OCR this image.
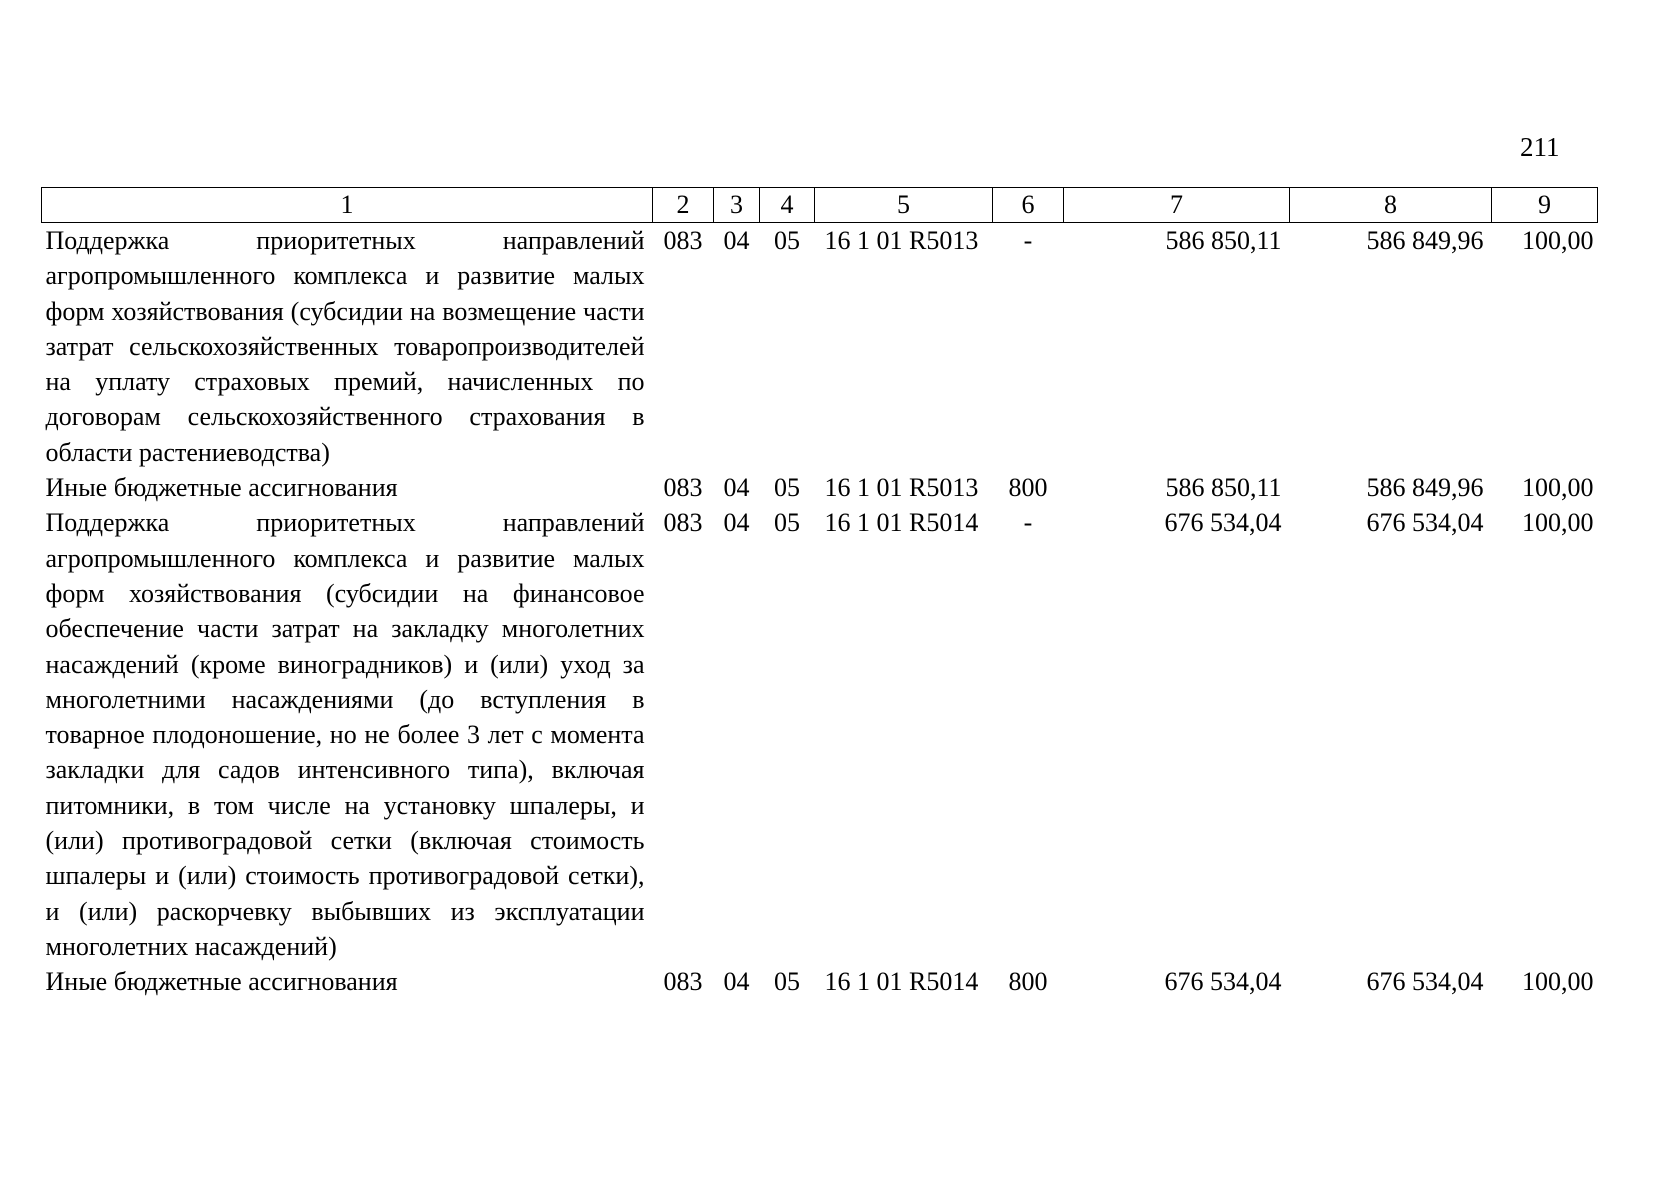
211
1	2	3	4	5	6	7	8	9
Поддержка приоритетных направлений агропромышленного комплекса и развитие малых форм хозяйствования (субсидии на возмещение части затрат сельскохозяйственных товаропроизводителей на уплату страховых премий, начисленных по договорам сельскохозяйственного страхования в области растениеводства)	083	04	05	16 1 01 R5013	-	586 850,11	586 849,96	100,00
Иные бюджетные ассигнования	083	04	05	16 1 01 R5013	800	586 850,11	586 849,96	100,00
Поддержка приоритетных направлений агропромышленного комплекса и развитие малых форм хозяйствования (субсидии на финансовое обеспечение части затрат на закладку многолетних насаждений (кроме виноградников) и (или) уход за многолетними насаждениями (до вступления в товарное плодоношение, но не более 3 лет с момента закладки для садов интенсивного типа), включая питомники, в том числе на установку шпалеры, и (или) противоградовой сетки (включая стоимость шпалеры и (или) стоимость противоградовой сетки), и (или) раскорчевку выбывших из эксплуатации многолетних насаждений)	083	04	05	16 1 01 R5014	-	676 534,04	676 534,04	100,00
Иные бюджетные ассигнования	083	04	05	16 1 01 R5014	800	676 534,04	676 534,04	100,00
